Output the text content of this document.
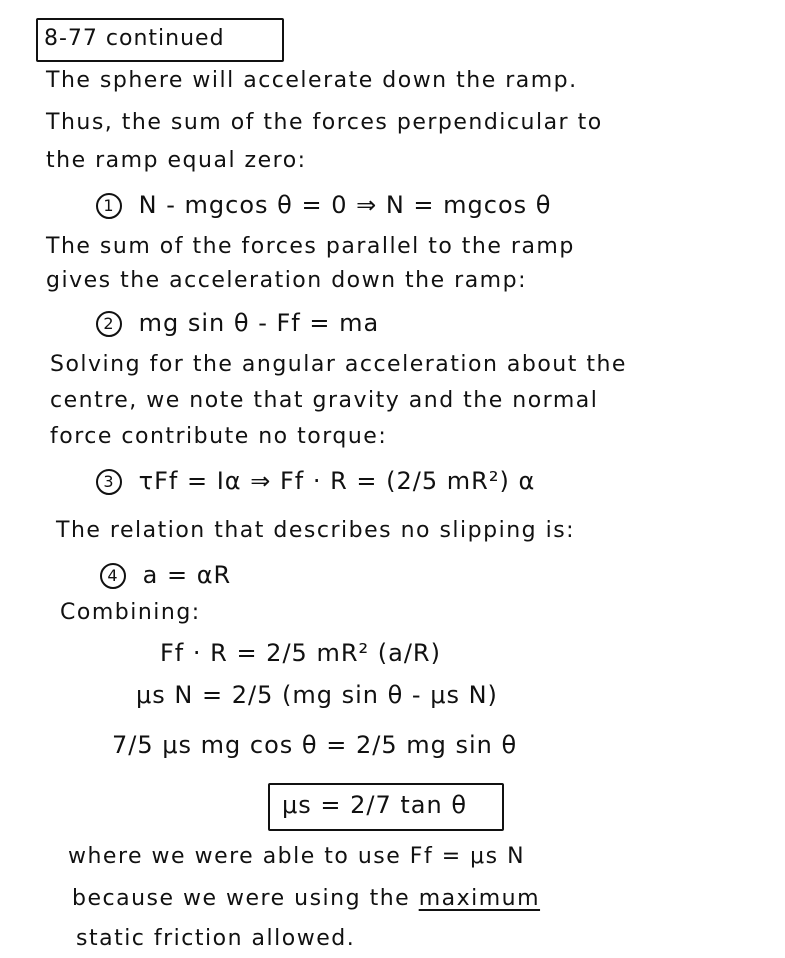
8-77 continued
The sphere will accelerate down the ramp.
Thus, the sum of the forces perpendicular to
the ramp equal zero:
1 N - mgcos θ = 0 ⇒ N = mgcos θ
The sum of the forces parallel to the ramp
gives the acceleration down the ramp:
2 mg sin θ - Ff = ma
Solving for the angular acceleration about the
centre, we note that gravity and the normal
force contribute no torque:
3 τFf = Iα ⇒ Ff · R = (2/5 mR²) α
The relation that describes no slipping is:
4 a = αR
Combining:
Ff · R = 2/5 mR² (a/R)
μs N = 2/5 (mg sin θ - μs N)
7/5 μs mg cos θ = 2/5 mg sin θ
μs = 2/7 tan θ
where we were able to use Ff = μs N
because we were using the maximum
static friction allowed.
